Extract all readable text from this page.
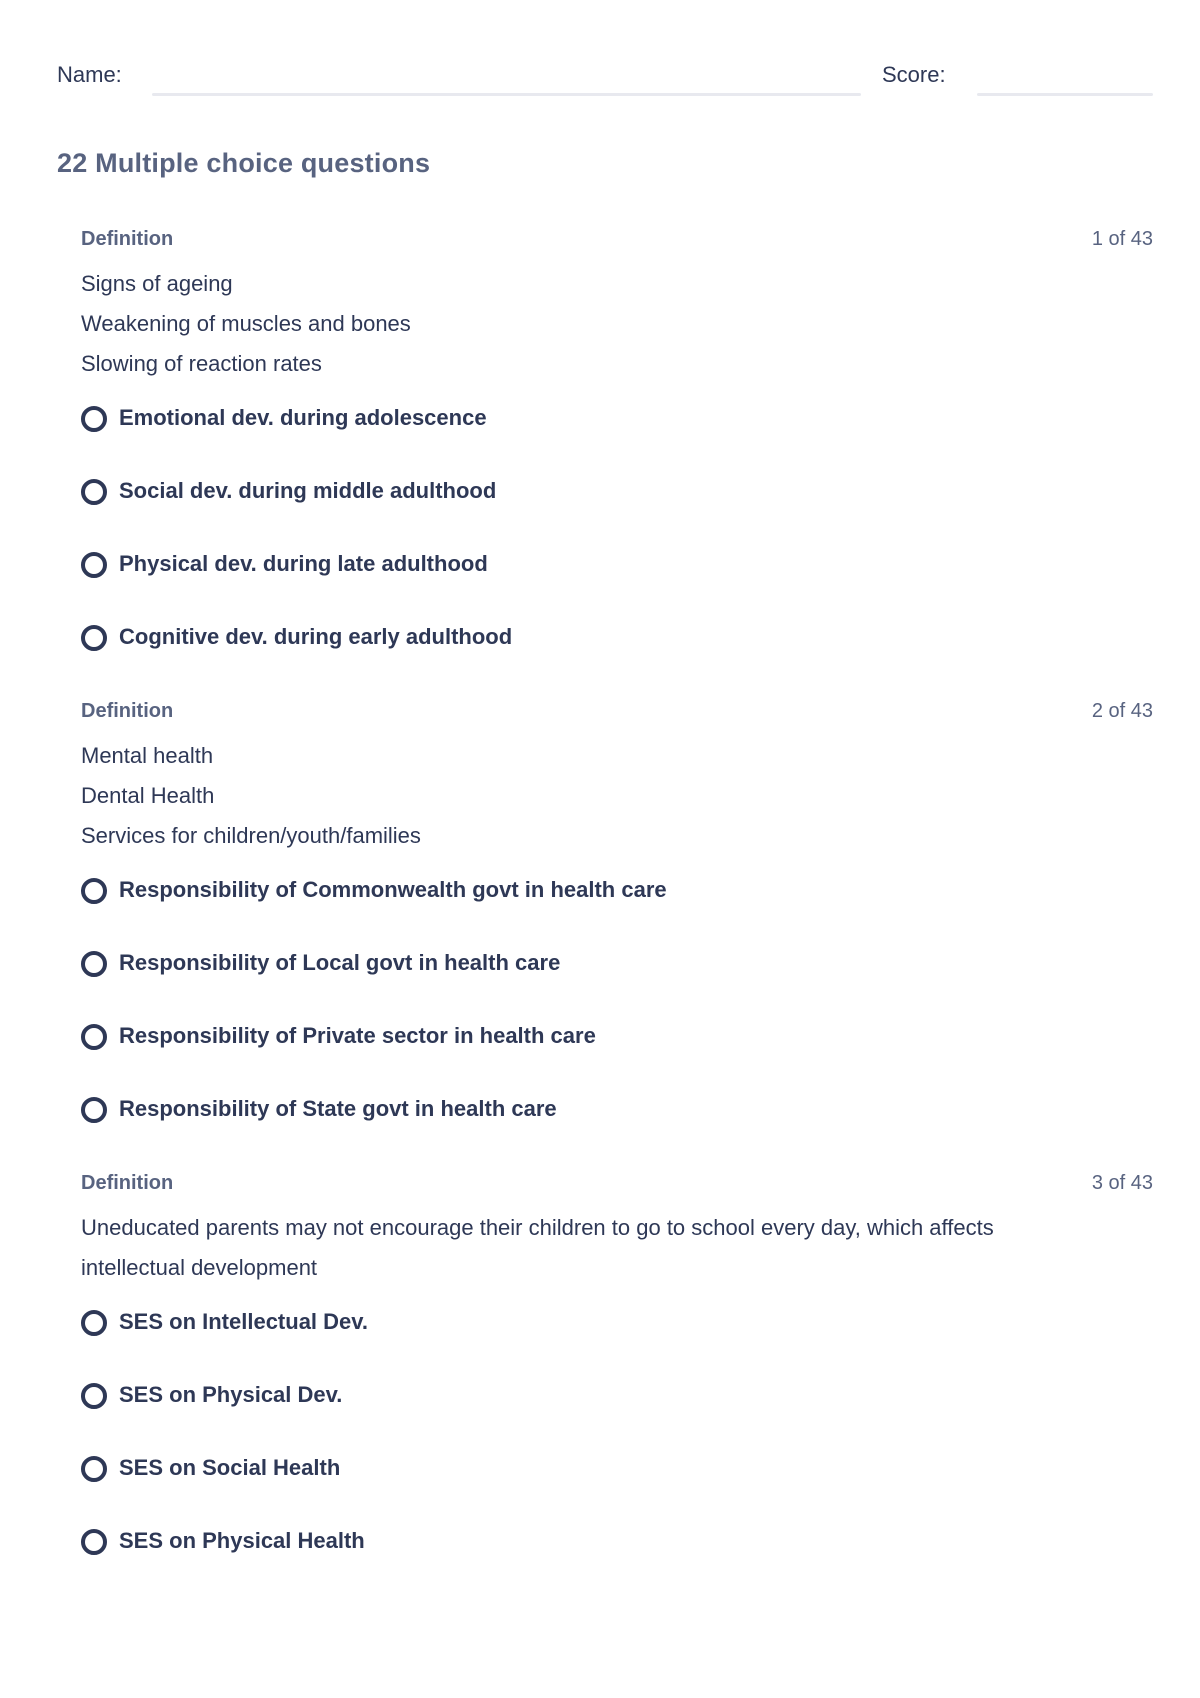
Name:	Score:
22 Multiple choice questions
Definition	1 of 43
Signs of ageing
Weakening of muscles and bones
Slowing of reaction rates
Emotional dev. during adolescence
Social dev. during middle adulthood
Physical dev. during late adulthood
Cognitive dev. during early adulthood
Definition	2 of 43
Mental health
Dental Health
Services for children/youth/families
Responsibility of Commonwealth govt in health care
Responsibility of Local govt in health care
Responsibility of Private sector in health care
Responsibility of State govt in health care
Definition	3 of 43
Uneducated parents may not encourage their children to go to school every day, which affects
intellectual development
SES on Intellectual Dev.
SES on Physical Dev.
SES on Social Health
SES on Physical Health
